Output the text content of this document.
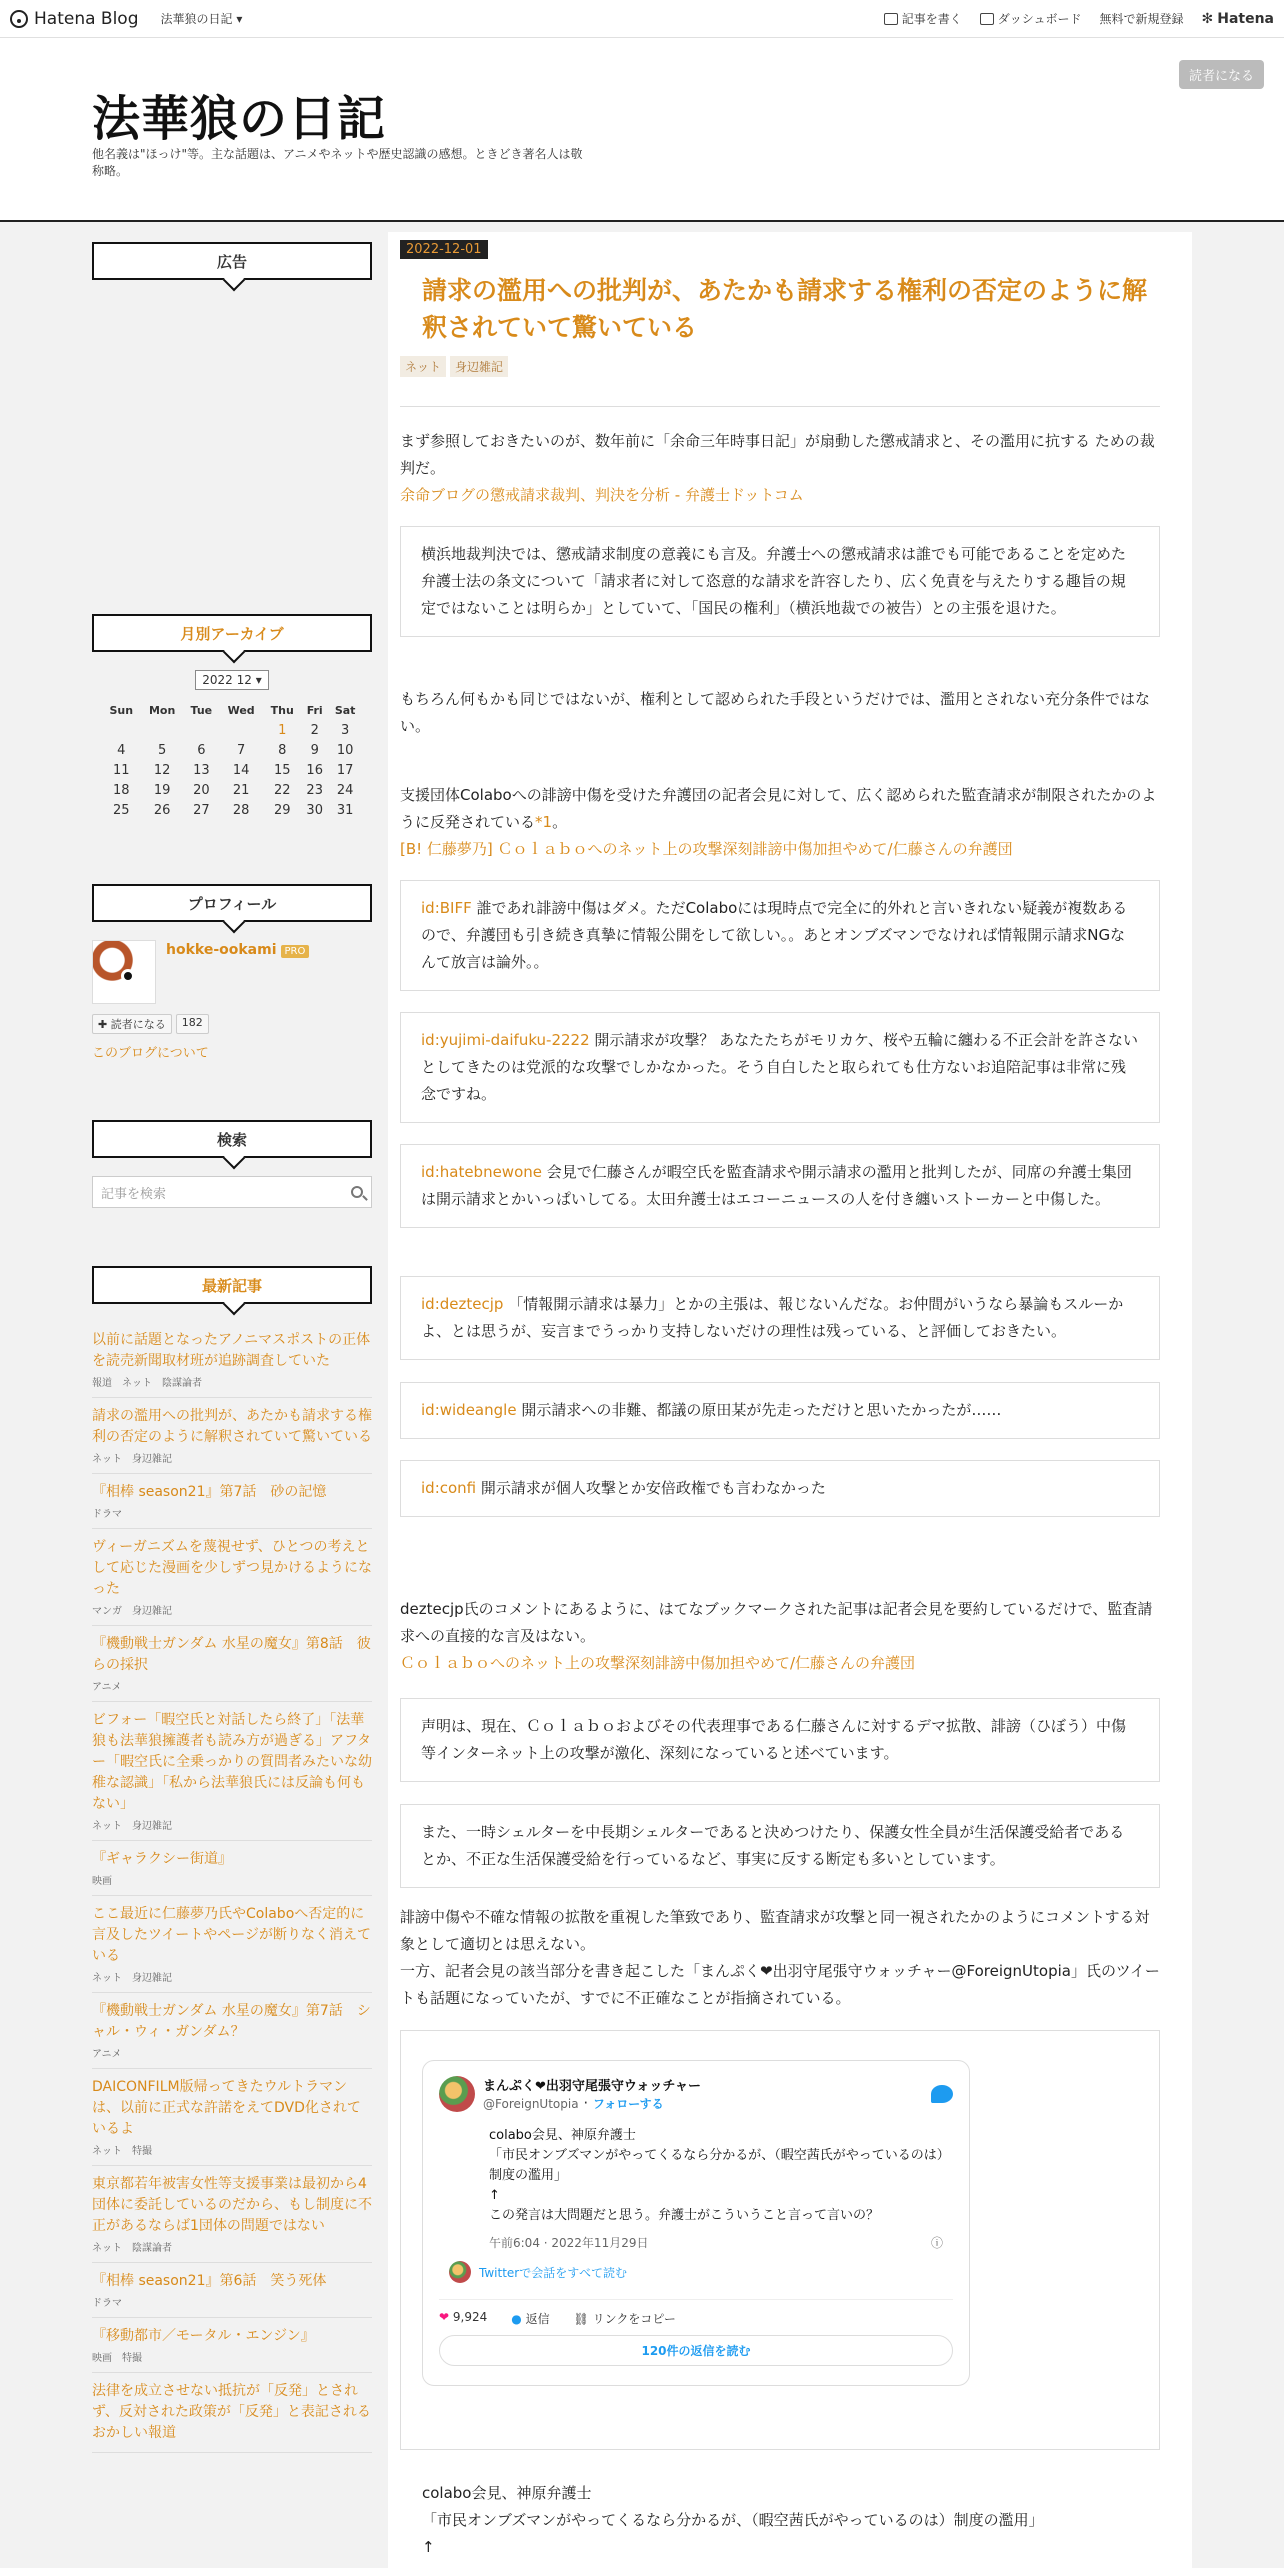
Hatena Blog 法華狼の日記 ▾	記事を書く	ダッシュボード 無料で新規登録 ✻ Hatena
法華狼の日記
他名義は"ほっけ"等。主な話題は、アニメやネットや歴史認識の感想。ときどき著名人は敬称略。
読者になる
広告
月別アーカイブ
2022 12 ▾
Sun	Mon	Tue	Wed	Thu	Fri	Sat
				1	2	3
4	5	6	7	8	9	10
11	12	13	14	15	16	17
18	19	20	21	22	23	24
25	26	27	28	29	30	31
プロフィール
hokke-ookami PRO
✚ 読者になる	182
このブログについて
検索
記事を検索
最新記事
以前に話題となったアノニマスポストの正体を読売新聞取材班が追跡調査していた
報道　ネット　陰謀論者
請求の濫用への批判が、あたかも請求する権利の否定のように解釈されていて驚いている
ネット　身辺雑記
『相棒 season21』第7話　砂の記憶
ドラマ
ヴィーガニズムを蔑視せず、ひとつの考えとして応じた漫画を少しずつ見かけるようになった
マンガ　身辺雑記
『機動戦士ガンダム 水星の魔女』第8話　彼らの採択
アニメ
ビフォー「暇空氏と対話したら終了」「法華狼も法華狼擁護者も読み方が過ぎる」アフター「暇空氏に全乗っかりの質問者みたいな幼稚な認識」「私から法華狼氏には反論も何もない」
ネット　身辺雑記
『ギャラクシー街道』
映画
ここ最近に仁藤夢乃氏やColaboへ否定的に言及したツイートやページが断りなく消えている
ネット　身辺雑記
『機動戦士ガンダム 水星の魔女』第7話　シャル・ウィ・ガンダム？
アニメ
DAICONFILM版帰ってきたウルトラマンは、以前に正式な許諾をえてDVD化されているよ
ネット　特撮
東京都若年被害女性等支援事業は最初から4団体に委託しているのだから、もし制度に不正があるならば1団体の問題ではない
ネット　陰謀論者
『相棒 season21』第6話　笑う死体
ドラマ
『移動都市／モータル・エンジン』
映画　特撮
法律を成立させない抵抗が「反発」とされず、反対された政策が「反発」と表記されるおかしい報道
2022-12-01
請求の濫用への批判が、あたかも請求する権利の否定のように解釈されていて驚いている
ネット	身辺雑記
まず参照しておきたいのが、数年前に「余命三年時事日記」が扇動した懲戒請求と、その濫用に抗する ための裁判だ。
余命ブログの懲戒請求裁判、判決を分析 - 弁護士ドットコム
横浜地裁判決では、懲戒請求制度の意義にも言及。弁護士への懲戒請求は誰でも可能であることを定めた弁護士法の条文について「請求者に対して恣意的な請求を許容したり、広く免責を与えたりする趣旨の規定ではないことは明らか」としていて、「国民の権利」（横浜地裁での被告）との主張を退けた。
もちろん何もかも同じではないが、権利として認められた手段というだけでは、濫用とされない充分条件ではない。
支援団体Colaboへの誹謗中傷を受けた弁護団の記者会見に対して、広く認められた監査請求が制限されたかのように反発されている*1。
[B! 仁藤夢乃] Ｃｏｌａｂｏへのネット上の攻撃深刻誹謗中傷加担やめて/仁藤さんの弁護団
id:BIFF 誰であれ誹謗中傷はダメ。ただColaboには現時点で完全に的外れと言いきれない疑義が複数あるので、弁護団も引き続き真摯に情報公開をして欲しい。。あとオンブズマンでなければ情報開示請求NGなんて放言は論外。。
id:yujimi-daifuku-2222 開示請求が攻撃？ あなたたちがモリカケ、桜や五輪に纏わる不正会計を許さないとしてきたのは党派的な攻撃でしかなかった。そう自白したと取られても仕方ないお追陪記事は非常に残念ですね。
id:hatebnewone 会見で仁藤さんが暇空氏を監査請求や開示請求の濫用と批判したが、同席の弁護士集団は開示請求とかいっぱいしてる。太田弁護士はエコーニュースの人を付き纏いストーカーと中傷した。
id:deztecjp 「情報開示請求は暴力」とかの主張は、報じないんだな。お仲間がいうなら暴論もスルーかよ、とは思うが、妄言までうっかり支持しないだけの理性は残っている、と評価しておきたい。
id:wideangle 開示請求への非難、都議の原田某が先走っただけと思いたかったが……
id:confi 開示請求が個人攻撃とか安倍政権でも言わなかった
deztecjp氏のコメントにあるように、はてなブックマークされた記事は記者会見を要約しているだけで、監査請求への直接的な言及はない。
Ｃｏｌａｂｏへのネット上の攻撃深刻誹謗中傷加担やめて/仁藤さんの弁護団
声明は、現在、Ｃｏｌａｂｏおよびその代表理事である仁藤さんに対するデマ拡散、誹謗（ひぼう）中傷等インターネット上の攻撃が激化、深刻になっていると述べています。
また、一時シェルターを中長期シェルターであると決めつけたり、保護女性全員が生活保護受給者であるとか、不正な生活保護受給を行っているなど、事実に反する断定も多いとしています。
誹謗中傷や不確な情報の拡散を重視した筆致であり、監査請求が攻撃と同一視されたかのようにコメントする対象として適切とは思えない。
一方、記者会見の該当部分を書き起こした「まんぷく❤出羽守尾張守ウォッチャー@ForeignUtopia」氏のツイートも話題になっていたが、すでに不正確なことが指摘されている。
まんぷく❤出羽守尾張守ウォッチャー
@ForeignUtopia · フォローする
colabo会見、神原弁護士
「市民オンブズマンがやってくるなら分かるが、（暇空茜氏がやっているのは）制度の濫用」
↑
この発言は大問題だと思う。弁護士がこういうこと言って言いの？
午前6:04 · 2022年11月29日	ⓘ
Twitterで会話をすべて読む
❤ 9,924 ● 返信 ⛓ リンクをコピー
120件の返信を読む
colabo会見、神原弁護士
「市民オンブズマンがやってくるなら分かるが、（暇空茜氏がやっているのは）制度の濫用」
↑
